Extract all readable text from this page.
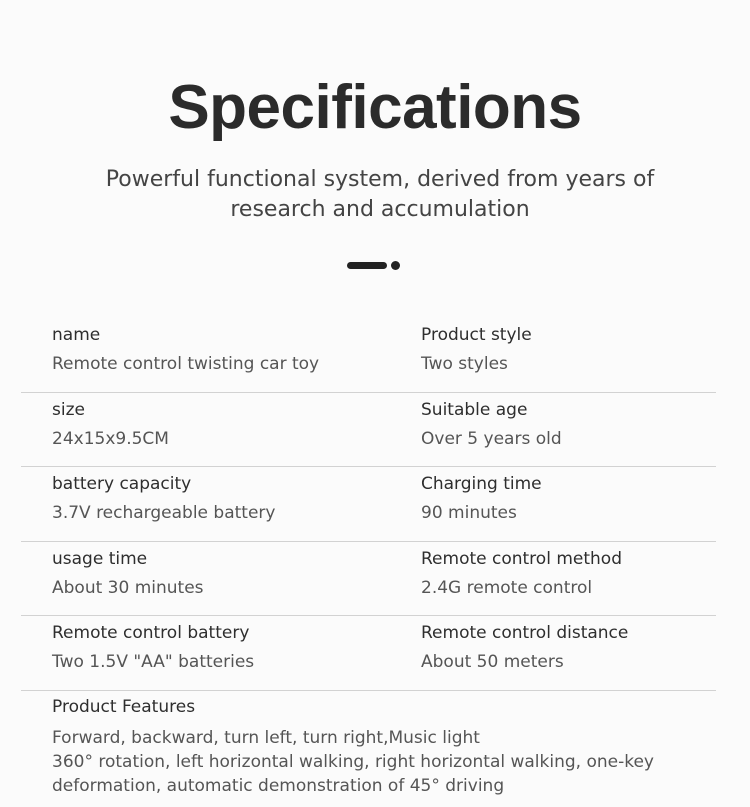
Specifications
Powerful functional system, derived from years of research and accumulation
name
Remote control twisting car toy
Product style
Two styles
size
24x15x9.5CM
Suitable age
Over 5 years old
battery capacity
3.7V rechargeable battery
Charging time
90 minutes
usage time
About 30 minutes
Remote control method
2.4G remote control
Remote control battery
Two 1.5V "AA" batteries
Remote control distance
About 50 meters
Product Features
Forward, backward, turn left, turn right,Music light
360° rotation, left horizontal walking, right horizontal walking, one-key
deformation, automatic demonstration of 45° driving
